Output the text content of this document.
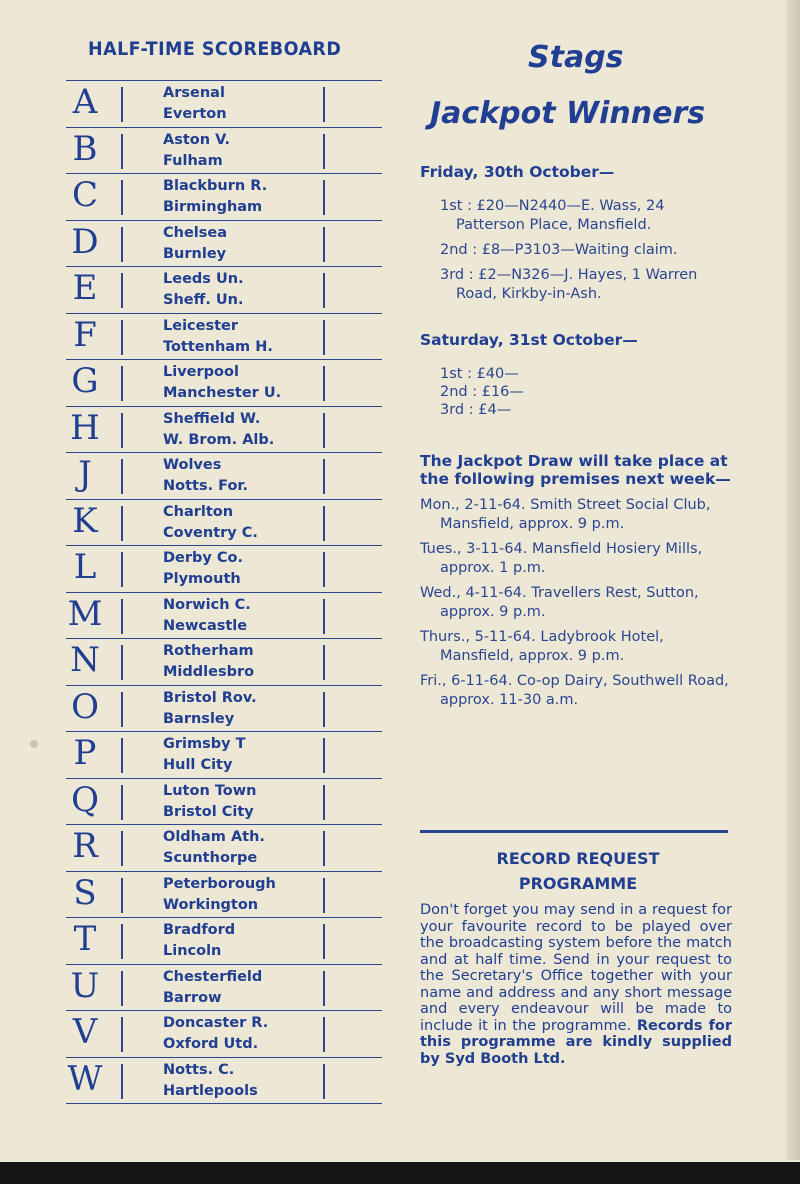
HALF-TIME SCOREBOARD
A	Arsenal
Everton
B	Aston V.
Fulham
C	Blackburn R.
Birmingham
D	Chelsea
Burnley
E	Leeds Un.
Sheff. Un.
F	Leicester
Tottenham H.
G	Liverpool
Manchester U.
H	Sheffield W.
W. Brom. Alb.
J	Wolves
Notts. For.
K	Charlton
Coventry C.
L	Derby Co.
Plymouth
M	Norwich C.
Newcastle
N	Rotherham
Middlesbro
O	Bristol Rov.
Barnsley
P	Grimsby T
Hull City
Q	Luton Town
Bristol City
R	Oldham Ath.
Scunthorpe
S	Peterborough
Workington
T	Bradford
Lincoln
U	Chesterfield
Barrow
V	Doncaster R.
Oxford Utd.
W	Notts. C.
Hartlepools
Stags
Jackpot Winners
Friday, 30th October—
1st : £20—N2440—E. Wass, 24 Patterson Place, Mansfield.
2nd : £8—P3103—Waiting claim.
3rd : £2—N326—J. Hayes, 1 Warren Road, Kirkby-in-Ash.
Saturday, 31st October—
1st : £40—
2nd : £16—
3rd : £4—
The Jackpot Draw will take place at the following premises next week—
Mon., 2-11-64. Smith Street Social Club, Mansfield, approx. 9 p.m.
Tues., 3-11-64. Mansfield Hosiery Mills, approx. 1 p.m.
Wed., 4-11-64. Travellers Rest, Sutton, approx. 9 p.m.
Thurs., 5-11-64. Ladybrook Hotel, Mansfield, approx. 9 p.m.
Fri., 6-11-64. Co-op Dairy, Southwell Road, approx. 11-30 a.m.
RECORD REQUEST
PROGRAMME
Don't forget you may send in a request for your favourite record to be played over the broadcasting system before the match and at half time. Send in your request to the Secretary's Office together with your name and address and any short message and every endeavour will be made to include it in the programme. Records for this programme are kindly supplied by Syd Booth Ltd.
